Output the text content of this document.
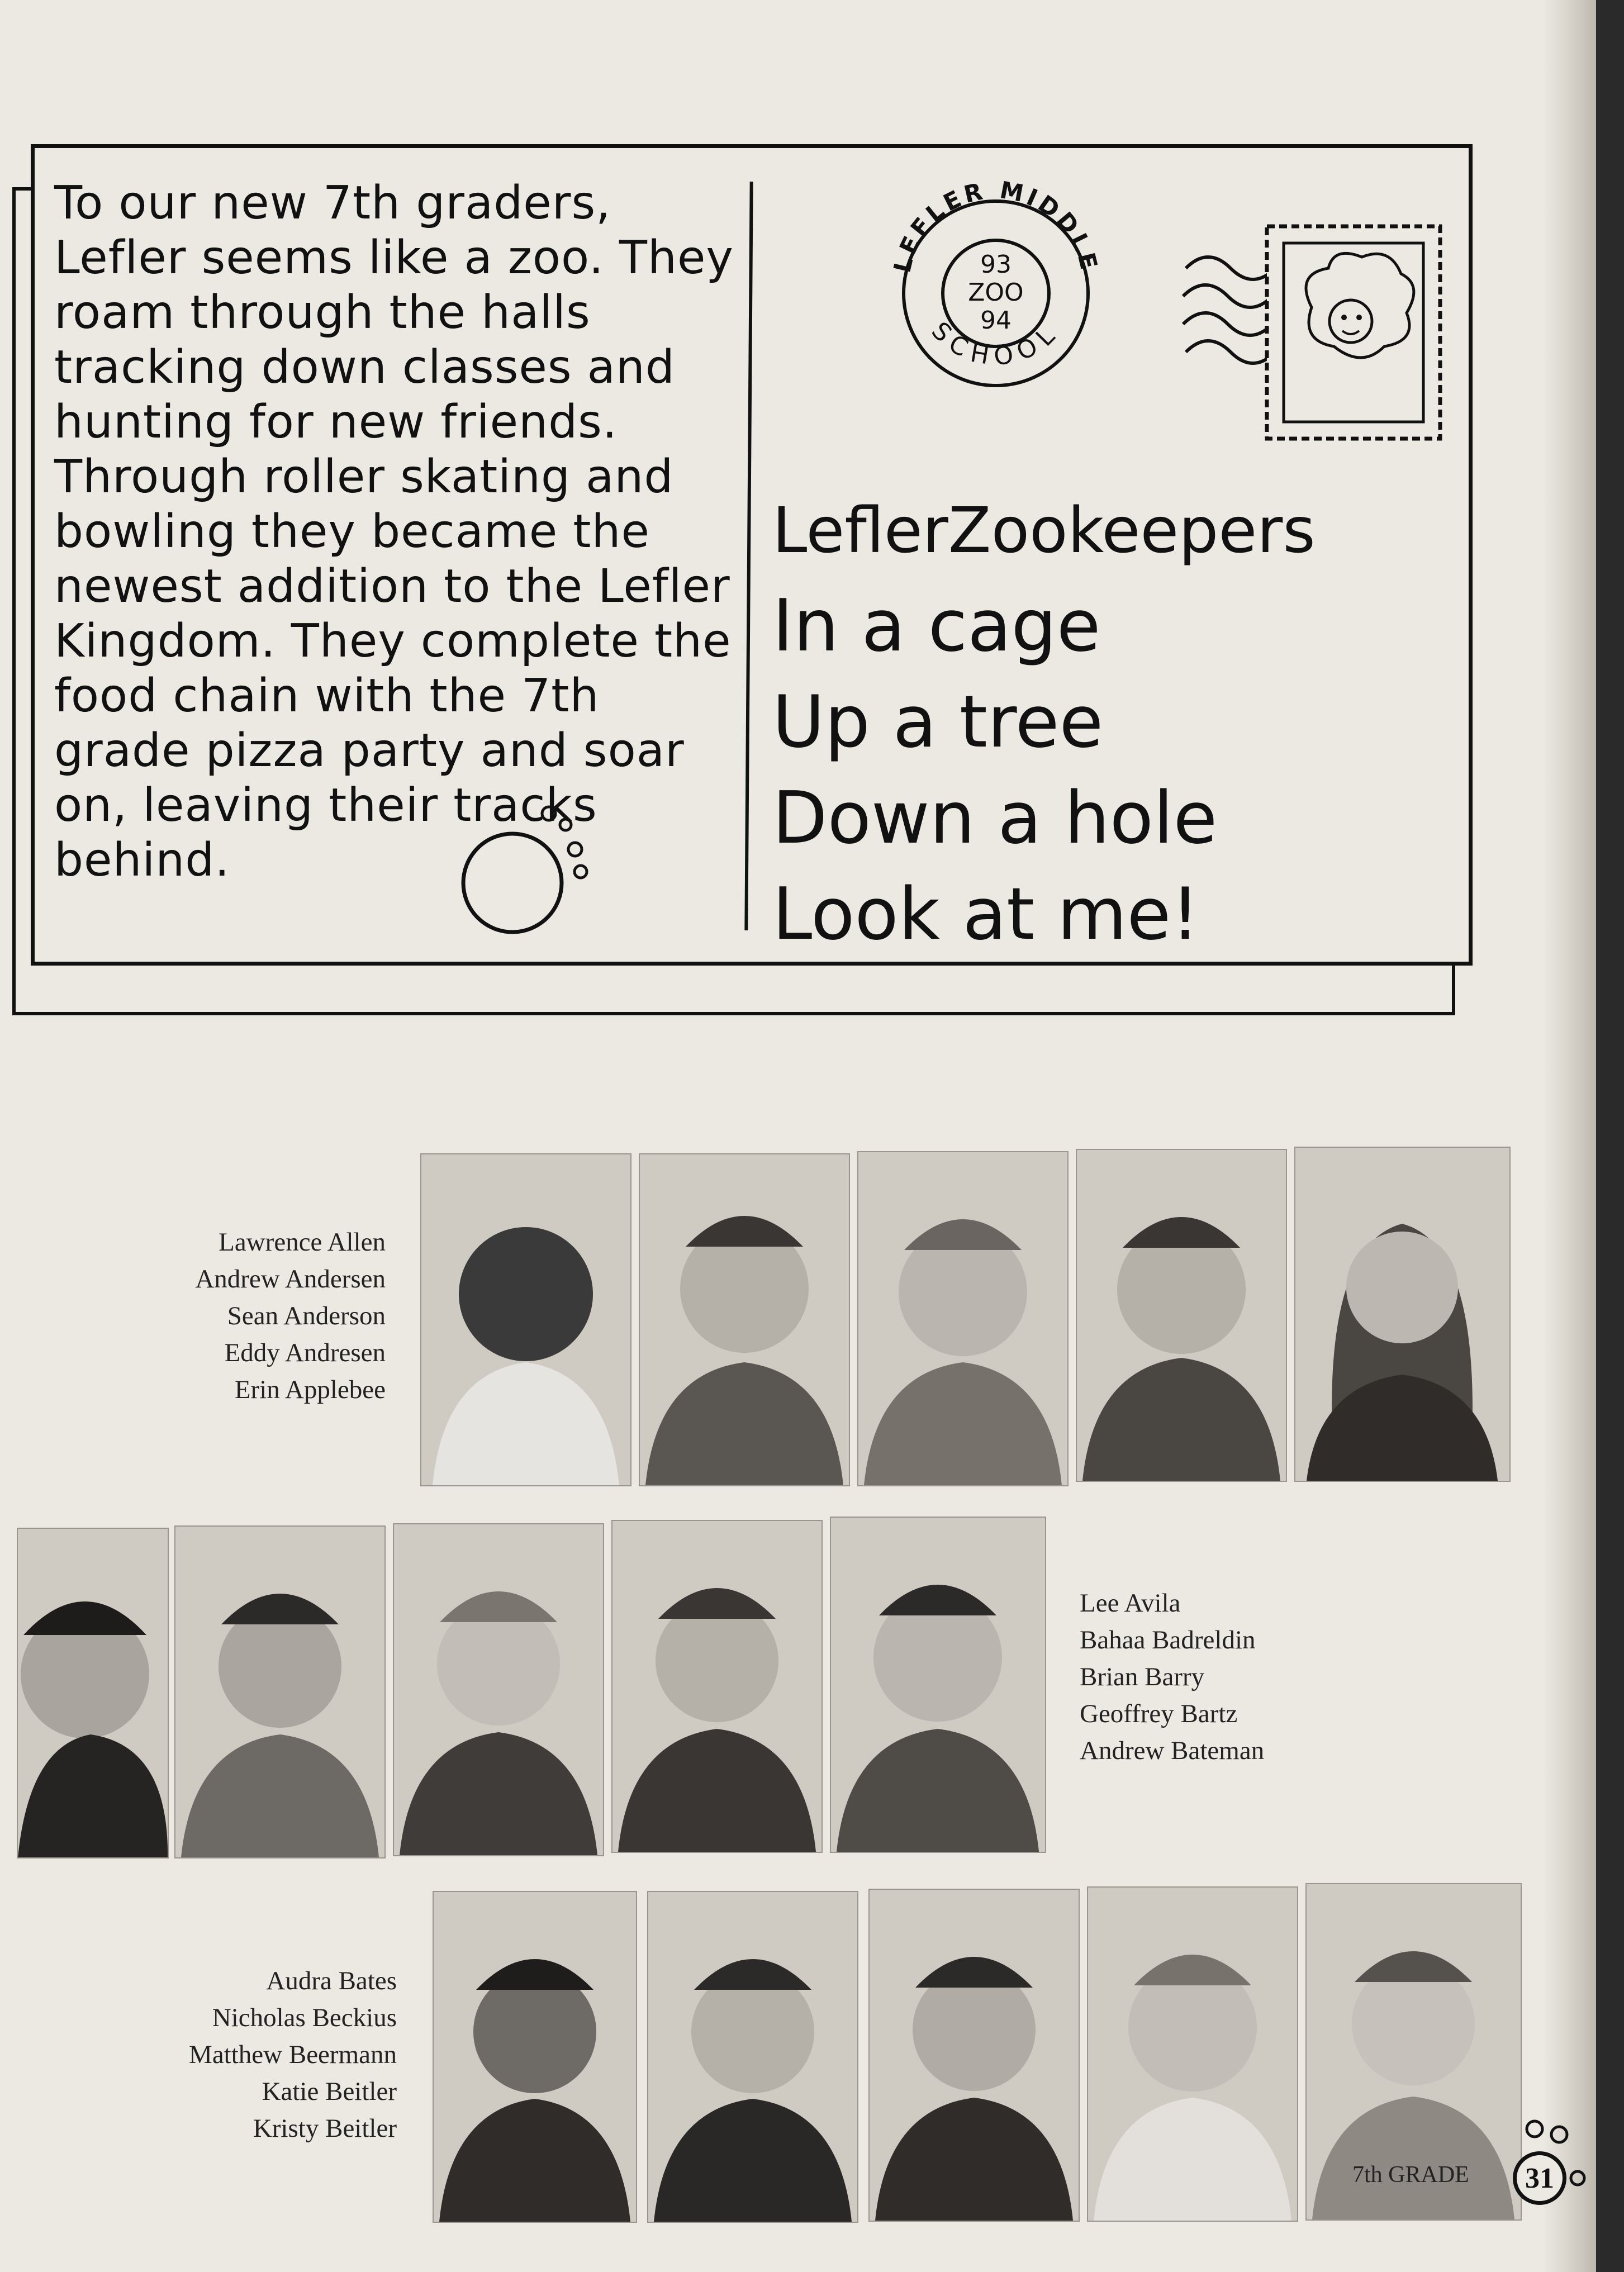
To our new 7th graders,
Lefler seems like a zoo. They
roam through the halls
tracking down classes and
hunting for new friends.
Through roller skating and
bowling they became the
newest addition to the Lefler
Kingdom. They complete the
food chain with the 7th
grade pizza party and soar
on, leaving their tracks
behind.
LEFLER MIDDLE
SCHOOL
93
ZOO
94
LeflerZookeepers
In a cage
Up a tree
Down a hole
Look at me!
Lawrence Allen
Andrew Andersen
Sean Anderson
Eddy Andresen
Erin Applebee
Lee Avila
Bahaa Badreldin
Brian Barry
Geoffrey Bartz
Andrew Bateman
Audra Bates
Nicholas Beckius
Matthew Beermann
Katie Beitler
Kristy Beitler
7th GRADE	31
